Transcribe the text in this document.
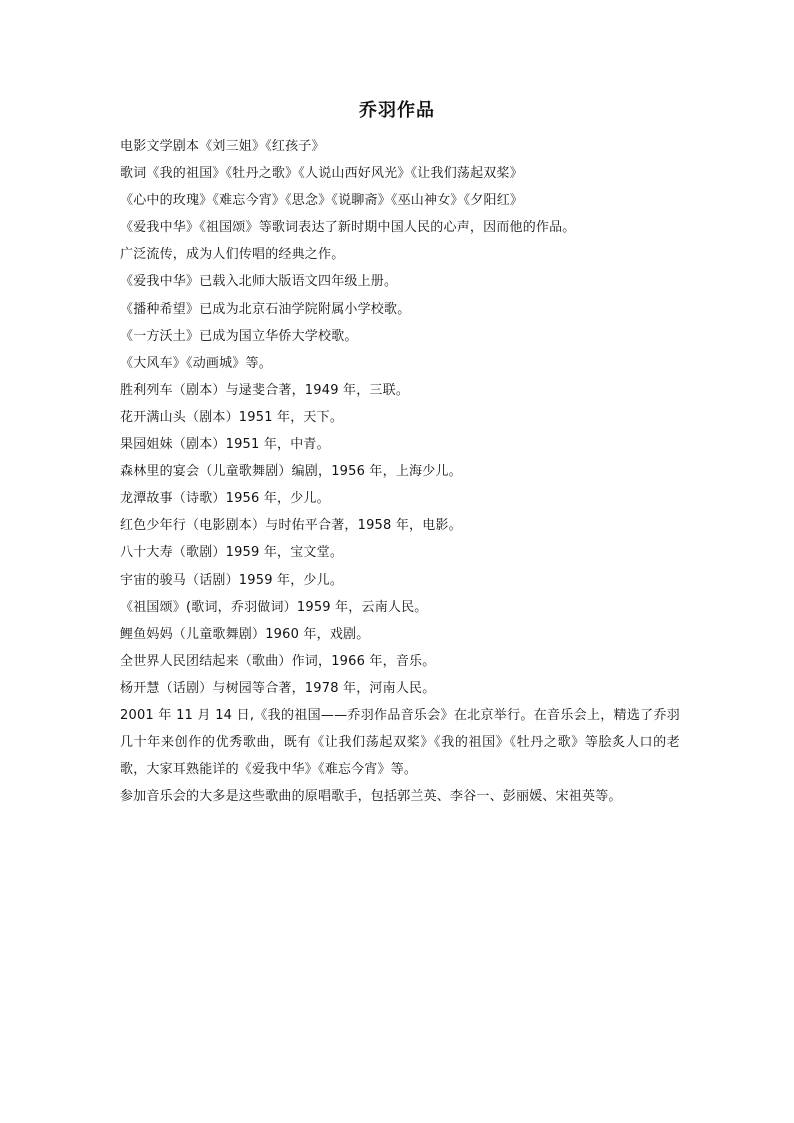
乔羽作品
电影文学剧本《刘三姐》《红孩子》
歌词《我的祖国》《牡丹之歌》《人说山西好风光》《让我们荡起双桨》
《心中的玫瑰》《难忘今宵》《思念》《说聊斋》《巫山神女》《夕阳红》
《爱我中华》《祖国颂》等歌词表达了新时期中国人民的心声，因而他的作品。
广泛流传，成为人们传唱的经典之作。
《爱我中华》已载入北师大版语文四年级上册。
《播种希望》已成为北京石油学院附属小学校歌。
《一方沃土》已成为国立华侨大学校歌。
《大风车》《动画城》等。
胜利列车（剧本）与逯斐合著，1949 年，三联。
花开满山头（剧本）1951 年，天下。
果园姐妹（剧本）1951 年，中青。
森林里的宴会（儿童歌舞剧）编剧，1956 年，上海少儿。
龙潭故事（诗歌）1956 年，少儿。
红色少年行（电影剧本）与时佑平合著，1958 年，电影。
八十大寿（歌剧）1959 年，宝文堂。
宇宙的骏马（话剧）1959 年，少儿。
《祖国颂》(歌词，乔羽做词）1959 年，云南人民。
鲤鱼妈妈（儿童歌舞剧）1960 年，戏剧。
全世界人民团结起来（歌曲）作词，1966 年，音乐。
杨开慧（话剧）与树园等合著，1978 年，河南人民。
2001 年 11 月 14 日,《我的祖国——乔羽作品音乐会》在北京举行。在音乐会上，精选了乔羽几十年来创作的优秀歌曲，既有《让我们荡起双桨》《我的祖国》《牡丹之歌》等脍炙人口的老歌，大家耳熟能详的《爱我中华》《难忘今宵》等。
参加音乐会的大多是这些歌曲的原唱歌手，包括郭兰英、李谷一、彭丽媛、宋祖英等。
